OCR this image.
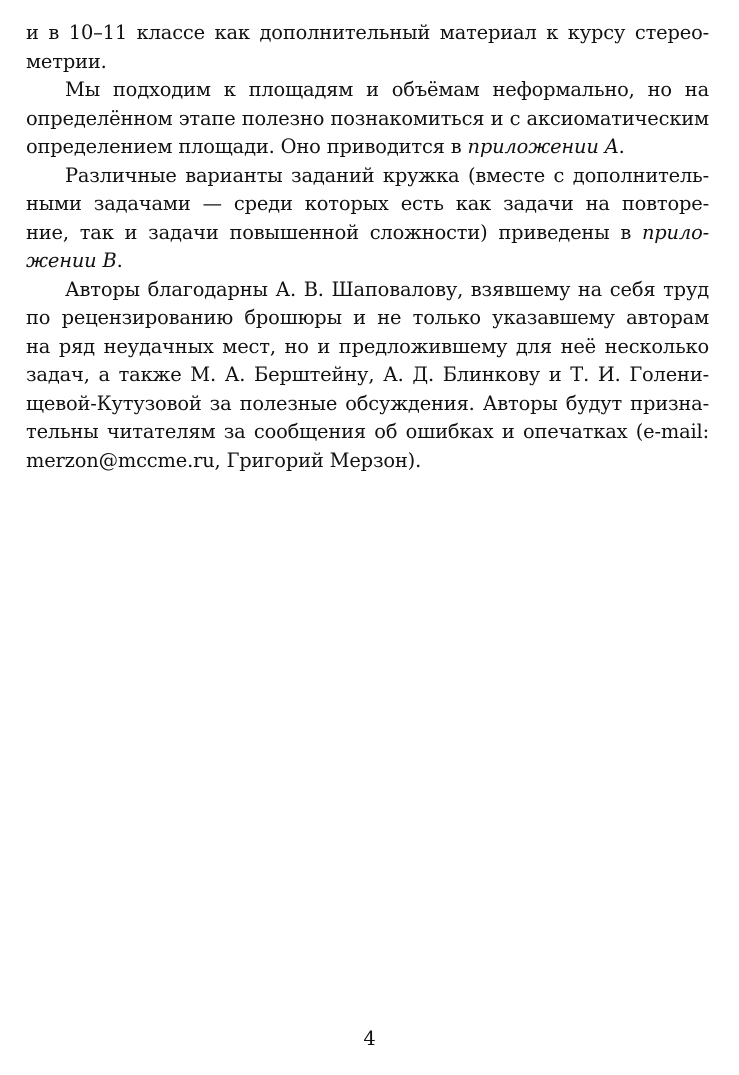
и в 10–11 классе как дополнительный материал к курсу стерео-
метрии.
Мы подходим к площадям и объёмам неформально, но на
определённом этапе полезно познакомиться и с аксиоматическим
определением площади. Оно приводится в приложении A.
Различные варианты заданий кружка (вместе с дополнитель-
ными задачами — среди которых есть как задачи на повторе-
ние, так и задачи повышенной сложности) приведены в прило-
жении B.
Авторы благодарны А. В. Шаповалову, взявшему на себя труд
по рецензированию брошюры и не только указавшему авторам
на ряд неудачных мест, но и предложившему для неё несколько
задач, а также М. А. Берштейну, А. Д. Блинкову и Т. И. Голени-
щевой-Кутузовой за полезные обсуждения. Авторы будут призна-
тельны читателям за сообщения об ошибках и опечатках (e-mail:
merzon@mccme.ru, Григорий Мерзон).
4
